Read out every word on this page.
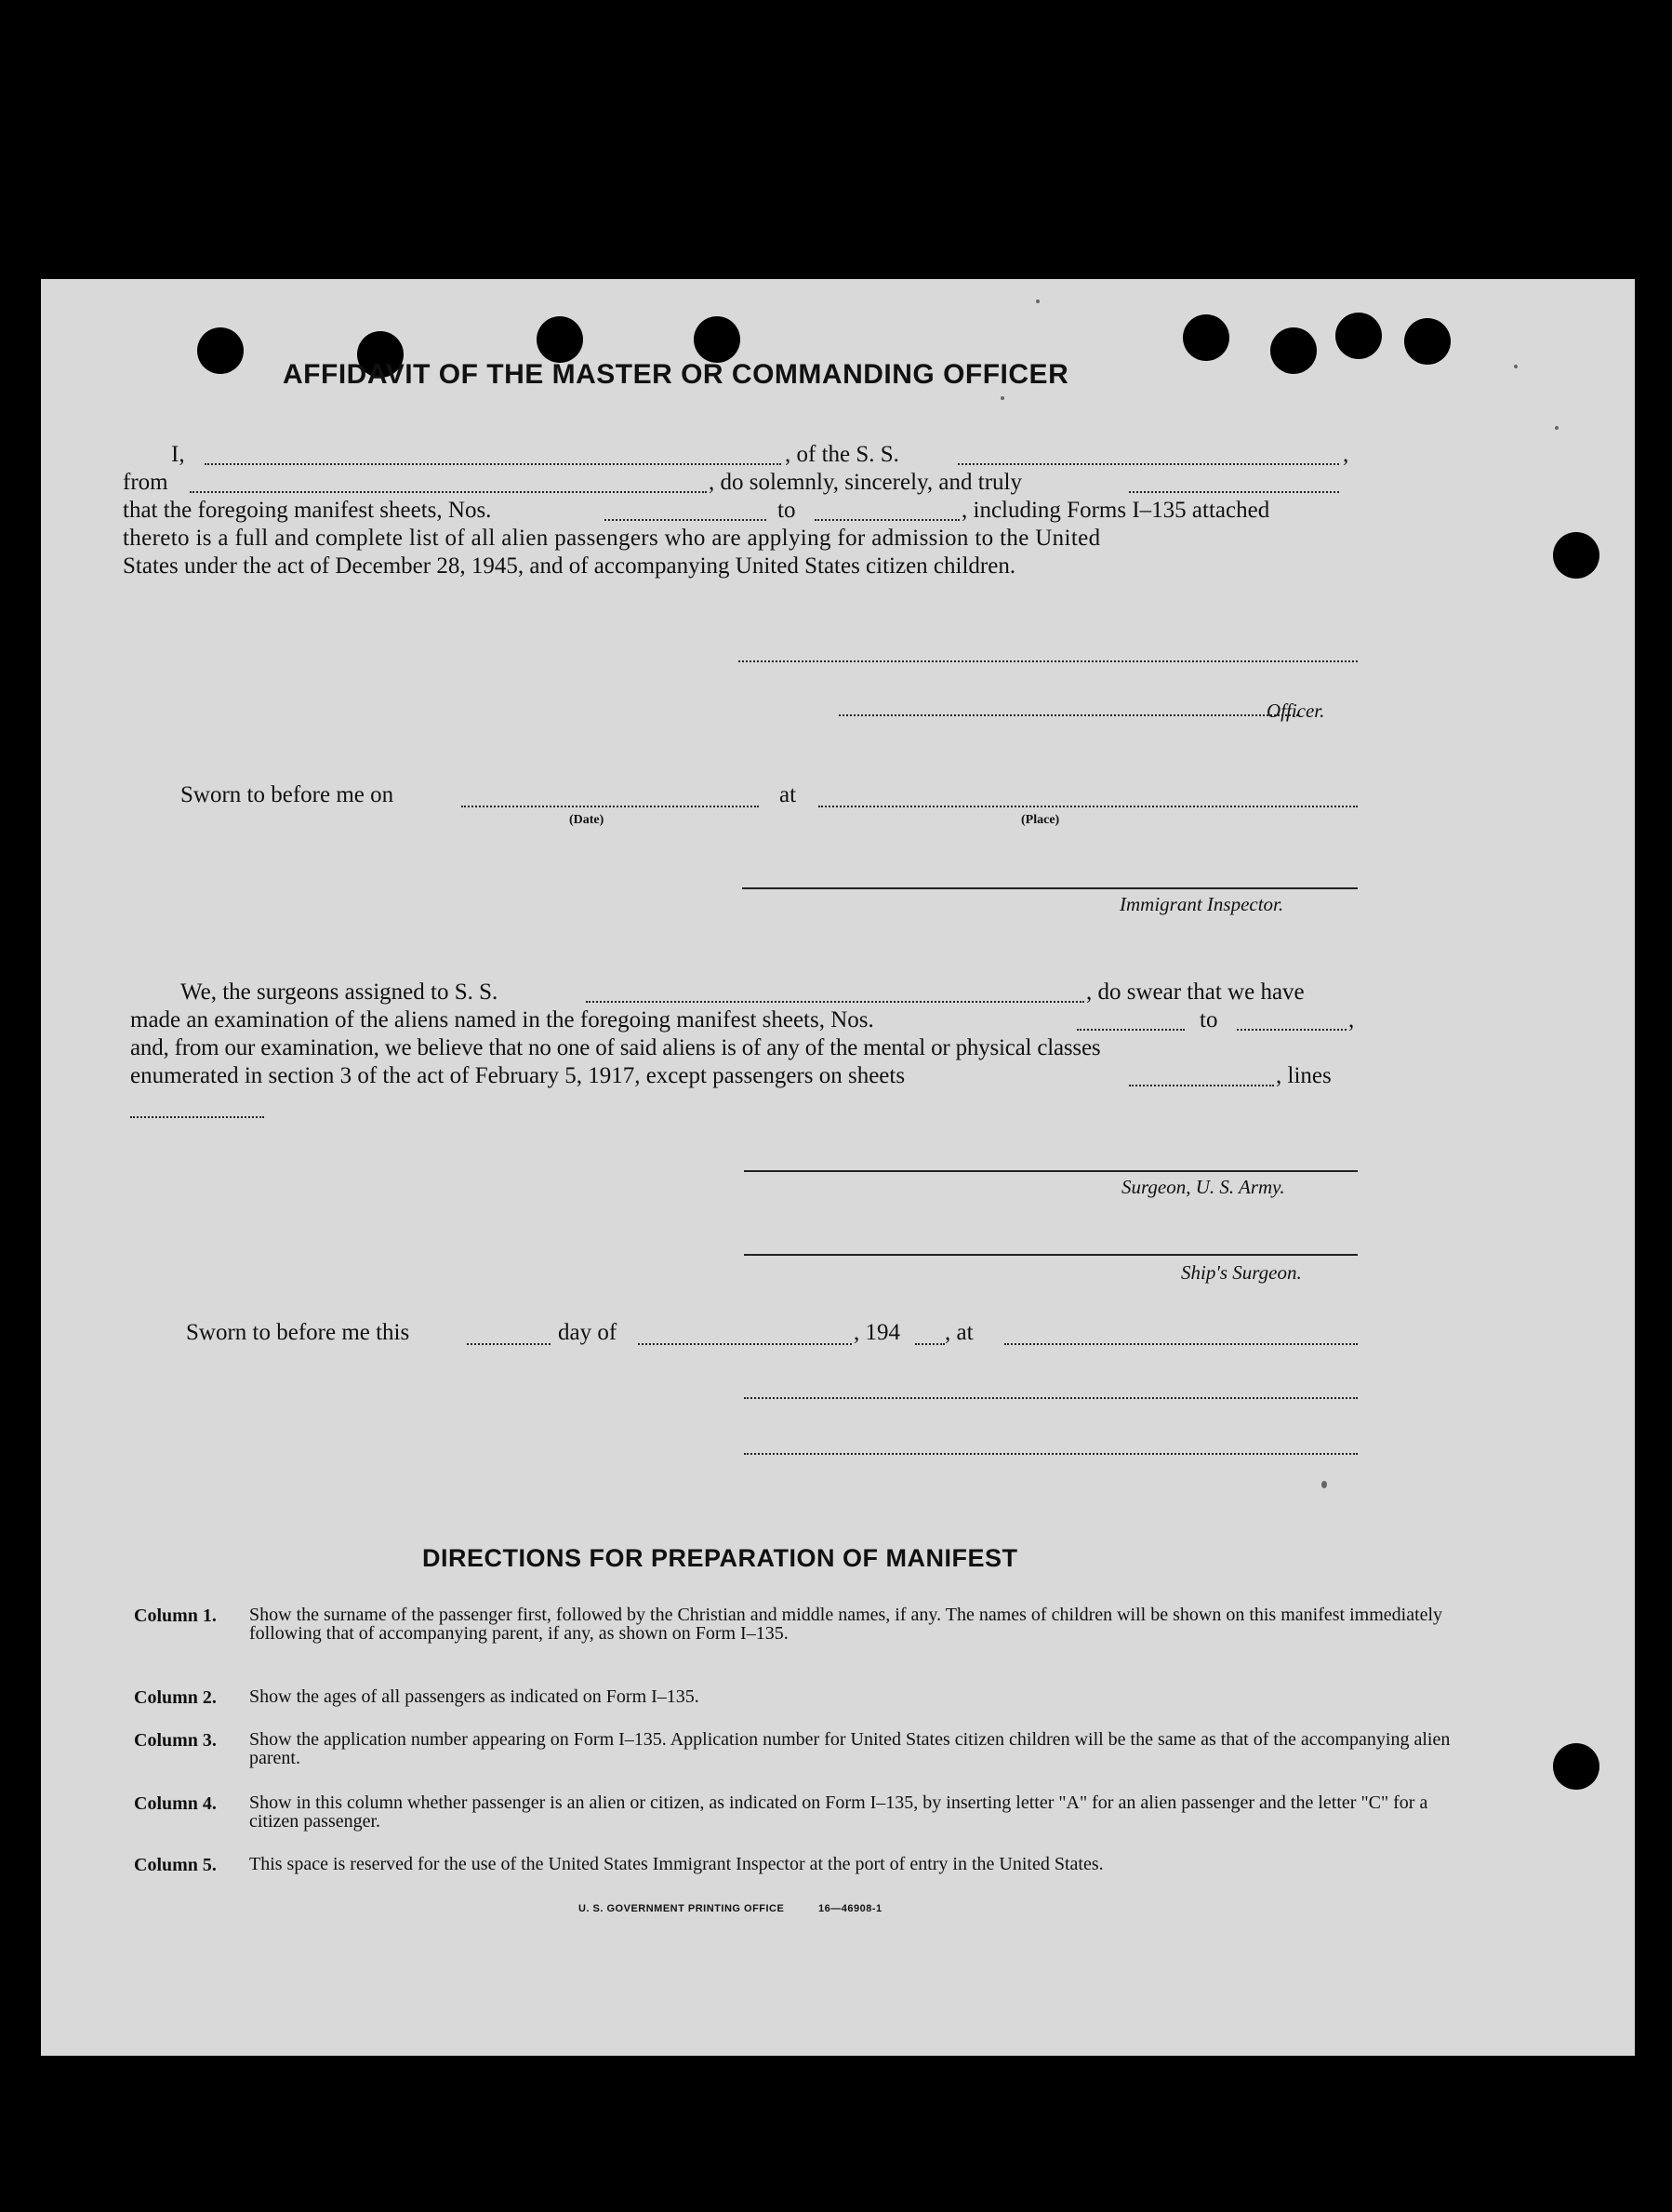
AFFIDAVIT OF THE MASTER OR COMMANDING OFFICER
I,	, of the S. S.	,
from	, do solemnly, sincerely, and truly
that the foregoing manifest sheets, Nos.	to	, including Forms I–135 attached
thereto is a full and complete list of all alien passengers who are applying for admission to the United
States under the act of December 28, 1945, and of accompanying United States citizen children.
Officer.
Sworn to before me on
(Date)
at
(Place)
Immigrant Inspector.
We, the surgeons assigned to S. S.	, do swear that we have
made an examination of the aliens named in the foregoing manifest sheets, Nos.	to	,
and, from our examination, we believe that no one of said aliens is of any of the mental or physical classes
enumerated in section 3 of the act of February 5, 1917, except passengers on sheets	, lines
Surgeon, U. S. Army.
Ship's Surgeon.
Sworn to before me this	day of	, 194 , at
DIRECTIONS FOR PREPARATION OF MANIFEST
Column 1. Show the surname of the passenger first, followed by the Christian and middle names, if any. The names of children will be shown on this manifest immediately following that of accompanying parent, if any, as shown on Form I–135.
Column 2. Show the ages of all passengers as indicated on Form I–135.
Column 3. Show the application number appearing on Form I–135. Application number for United States citizen children will be the same as that of the accompanying alien parent.
Column 4. Show in this column whether passenger is an alien or citizen, as indicated on Form I–135, by inserting letter "A" for an alien passenger and the letter "C" for a citizen passenger.
Column 5. This space is reserved for the use of the United States Immigrant Inspector at the port of entry in the United States.
U. S. GOVERNMENT PRINTING OFFICE	16—46908-1
